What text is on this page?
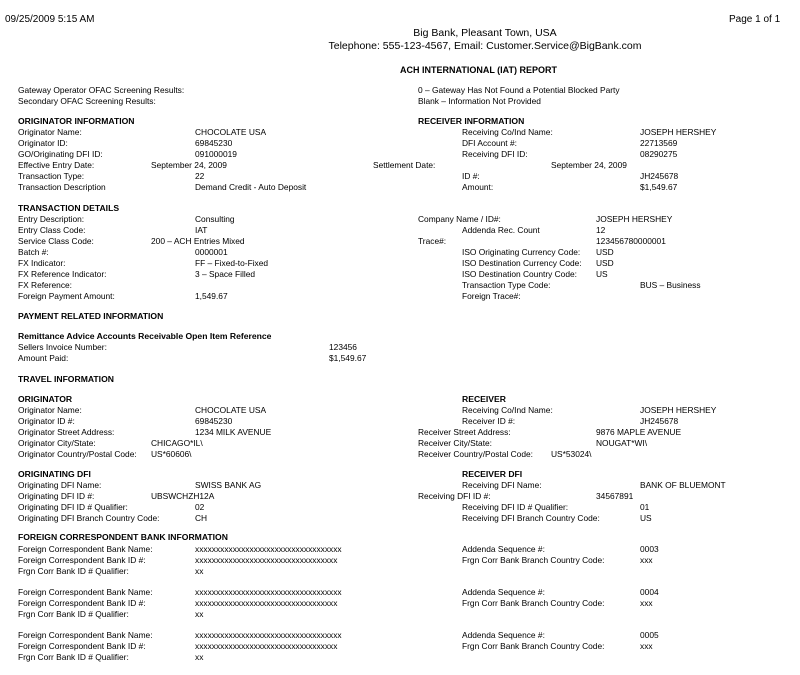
09/25/2009 5:15 AM	Page 1 of 1
Big Bank, Pleasant Town, USA
Telephone: 555-123-4567, Email: Customer.Service@BigBank.com
ACH INTERNATIONAL (IAT) REPORT
Gateway Operator OFAC Screening Results:
Secondary OFAC Screening Results:
0 – Gateway Has Not Found a Potential Blocked Party
Blank – Information Not Provided
ORIGINATOR INFORMATION
Originator Name:	CHOCOLATE USA
Originator ID:	69845230
GO/Originating DFI ID:	091000019
Effective Entry Date:	September 24, 2009
Transaction Type:	22
Transaction Description	Demand Credit - Auto Deposit
RECEIVER INFORMATION
Receiving Co/Ind Name:	JOSEPH HERSHEY
DFI Account #:	22713569
Receiving DFI ID:	08290275
Settlement Date:	September 24, 2009
ID #:	JH245678
Amount:	$1,549.67
TRANSACTION DETAILS
Entry Description:	Consulting
Entry Class Code:	IAT
Service Class Code:	200 – ACH Entries Mixed
Batch #:	0000001
FX Indicator:	FF – Fixed-to-Fixed
FX Reference Indicator:	3 – Space Filled
FX Reference:
Foreign Payment Amount:	1,549.67
Company Name / ID#:	JOSEPH HERSHEY
Addenda Rec. Count	12
Trace#:	123456780000001
ISO Originating Currency Code: USD
ISO Destination Currency Code: USD
ISO Destination Country Code: US
Transaction Type Code:	BUS – Business
Foreign Trace#:
PAYMENT RELATED INFORMATION
Remittance Advice Accounts Receivable Open Item Reference
Sellers Invoice Number:	123456
Amount Paid:	$1,549.67
TRAVEL INFORMATION
ORIGINATOR
Originator Name:	CHOCOLATE USA
Originator ID #:	69845230
Originator Street Address:	1234 MILK AVENUE
Originator City/State:	CHICAGO*IL\
Originator Country/Postal Code: US*60606\
RECEIVER
Receiving Co/Ind Name:	JOSEPH HERSHEY
Receiver ID #:	JH245678
Receiver Street Address:	9876 MAPLE AVENUE
Receiver City/State:	NOUGAT*WI\
Receiver Country/Postal Code: US*53024\
ORIGINATING DFI
Originating DFI Name:	SWISS BANK AG
Originating DFI ID #:	UBSWCHZH12A
Originating DFI ID # Qualifier:	02
Originating DFI Branch Country Code:	CH
RECEIVER DFI
Receiving DFI Name:	BANK OF BLUEMONT
Receiving DFI ID #:	34567891
Receiving DFI ID # Qualifier:	01
Receiving DFI Branch Country Code:	US
FOREIGN CORRESPONDENT BANK INFORMATION
Foreign Correspondent Bank Name:	xxxxxxxxxxxxxxxxxxxxxxxxxxxxxxxxxxx
Foreign Correspondent Bank ID #:	xxxxxxxxxxxxxxxxxxxxxxxxxxxxxxxxxx
Frgn Corr Bank ID # Qualifier:	xx
Addenda Sequence #:	0003
Frgn Corr Bank Branch Country Code:	xxx
Foreign Correspondent Bank Name:	xxxxxxxxxxxxxxxxxxxxxxxxxxxxxxxxxxx
Foreign Correspondent Bank ID #:	xxxxxxxxxxxxxxxxxxxxxxxxxxxxxxxxxx
Frgn Corr Bank ID # Qualifier:	xx
Addenda Sequence #:	0004
Frgn Corr Bank Branch Country Code:	xxx
Foreign Correspondent Bank Name:	xxxxxxxxxxxxxxxxxxxxxxxxxxxxxxxxxxx
Foreign Correspondent Bank ID #:	xxxxxxxxxxxxxxxxxxxxxxxxxxxxxxxxxx
Frgn Corr Bank ID # Qualifier:	xx
Addenda Sequence #:	0005
Frgn Corr Bank Branch Country Code:	xxx
